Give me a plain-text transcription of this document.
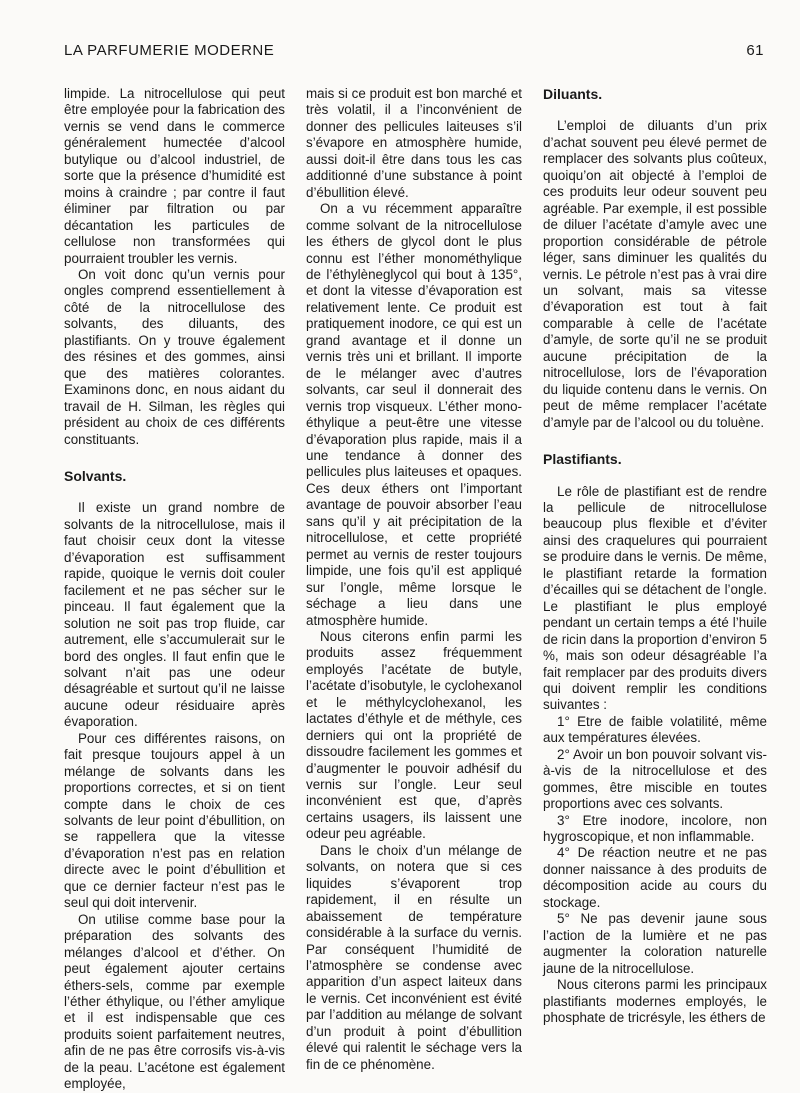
LA PARFUMERIE MODERNE	61

limpide. La nitrocellulose qui peut être employée pour la fabrication des vernis se vend dans le commerce généralement humectée d’alcool butylique ou d’alcool industriel, de sorte que la présence d’humidité est moins à craindre ; par contre il faut éliminer par filtration ou par décantation les particules de cellulose non transformées qui pourraient troubler les vernis.

On voit donc qu’un vernis pour ongles comprend essentiellement à côté de la nitrocellulose des solvants, des diluants, des plastifiants. On y trouve également des résines et des gommes, ainsi que des matières colorantes. Examinons donc, en nous aidant du travail de H. Silman, les règles qui président au choix de ces différents constituants.

Solvants.

Il existe un grand nombre de solvants de la nitrocellulose, mais il faut choisir ceux dont la vitesse d’évaporation est suffisamment rapide, quoique le vernis doit couler facilement et ne pas sécher sur le pinceau. Il faut également que la solution ne soit pas trop fluide, car autrement, elle s’accumulerait sur le bord des ongles. Il faut enfin que le solvant n’ait pas une odeur désagréable et surtout qu’il ne laisse aucune odeur résiduaire après évaporation.

Pour ces différentes raisons, on fait presque toujours appel à un mélange de solvants dans les proportions correctes, et si on tient compte dans le choix de ces solvants de leur point d’ébullition, on se rappellera que la vitesse d’évaporation n’est pas en relation directe avec le point d’ébullition et que ce dernier facteur n’est pas le seul qui doit intervenir.

On utilise comme base pour la préparation des solvants des mélanges d’alcool et d’éther. On peut également ajouter certains éthers-sels, comme par exemple l’éther éthylique, ou l’éther amylique et il est indispensable que ces produits soient parfaitement neutres, afin de ne pas être corrosifs vis-à-vis de la peau. L’acétone est également employée,

mais si ce produit est bon marché et très volatil, il a l’inconvénient de donner des pellicules laiteuses s’il s’évapore en atmosphère humide, aussi doit-il être dans tous les cas additionné d’une substance à point d’ébullition élevé.

On a vu récemment apparaître comme solvant de la nitrocellulose les éthers de glycol dont le plus connu est l’éther monométhylique de l’éthylèneglycol qui bout à 135°, et dont la vitesse d’évaporation est relativement lente. Ce produit est pratiquement inodore, ce qui est un grand avantage et il donne un vernis très uni et brillant. Il importe de le mélanger avec d’autres solvants, car seul il donnerait des vernis trop visqueux. L’éther mono-éthylique a peut-être une vitesse d’évaporation plus rapide, mais il a une tendance à donner des pellicules plus laiteuses et opaques. Ces deux éthers ont l’important avantage de pouvoir absorber l’eau sans qu’il y ait précipitation de la nitrocellulose, et cette propriété permet au vernis de rester toujours limpide, une fois qu’il est appliqué sur l’ongle, même lorsque le séchage a lieu dans une atmosphère humide.

Nous citerons enfin parmi les produits assez fréquemment employés l’acétate de butyle, l’acétate d’isobutyle, le cyclohexanol et le méthylcyclohexanol, les lactates d’éthyle et de méthyle, ces derniers qui ont la propriété de dissoudre facilement les gommes et d’augmenter le pouvoir adhésif du vernis sur l’ongle. Leur seul inconvénient est que, d’après certains usagers, ils laissent une odeur peu agréable.

Dans le choix d’un mélange de solvants, on notera que si ces liquides s’évaporent trop rapidement, il en résulte un abaissement de température considérable à la surface du vernis. Par conséquent l’humidité de l’atmosphère se condense avec apparition d’un aspect laiteux dans le vernis. Cet inconvénient est évité par l’addition au mélange de solvant d’un produit à point d’ébullition élevé qui ralentit le séchage vers la fin de ce phénomène.

Diluants.

L’emploi de diluants d’un prix d’achat souvent peu élevé permet de remplacer des solvants plus coûteux, quoiqu’on ait objecté à l’emploi de ces produits leur odeur souvent peu agréable. Par exemple, il est possible de diluer l’acétate d’amyle avec une proportion considérable de pétrole léger, sans diminuer les qualités du vernis. Le pétrole n’est pas à vrai dire un solvant, mais sa vitesse d’évaporation est tout à fait comparable à celle de l’acétate d’amyle, de sorte qu’il ne se produit aucune précipitation de la nitrocellulose, lors de l’évaporation du liquide contenu dans le vernis. On peut de même remplacer l’acétate d’amyle par de l’alcool ou du toluène.

Plastifiants.

Le rôle de plastifiant est de rendre la pellicule de nitrocellulose beaucoup plus flexible et d’éviter ainsi des craquelures qui pourraient se produire dans le vernis. De même, le plastifiant retarde la formation d’écailles qui se détachent de l’ongle. Le plastifiant le plus employé pendant un certain temps a été l’huile de ricin dans la proportion d’environ 5 %, mais son odeur désagréable l’a fait remplacer par des produits divers qui doivent remplir les conditions suivantes :

1° Etre de faible volatilité, même aux températures élevées.

2° Avoir un bon pouvoir solvant vis-à-vis de la nitrocellulose et des gommes, être miscible en toutes proportions avec ces solvants.

3° Etre inodore, incolore, non hygroscopique, et non inflammable.

4° De réaction neutre et ne pas donner naissance à des produits de décomposition acide au cours du stockage.

5° Ne pas devenir jaune sous l’action de la lumière et ne pas augmenter la coloration naturelle jaune de la nitrocellulose.

Nous citerons parmi les principaux plastifiants modernes employés, le phosphate de tricrésyle, les éthers de
